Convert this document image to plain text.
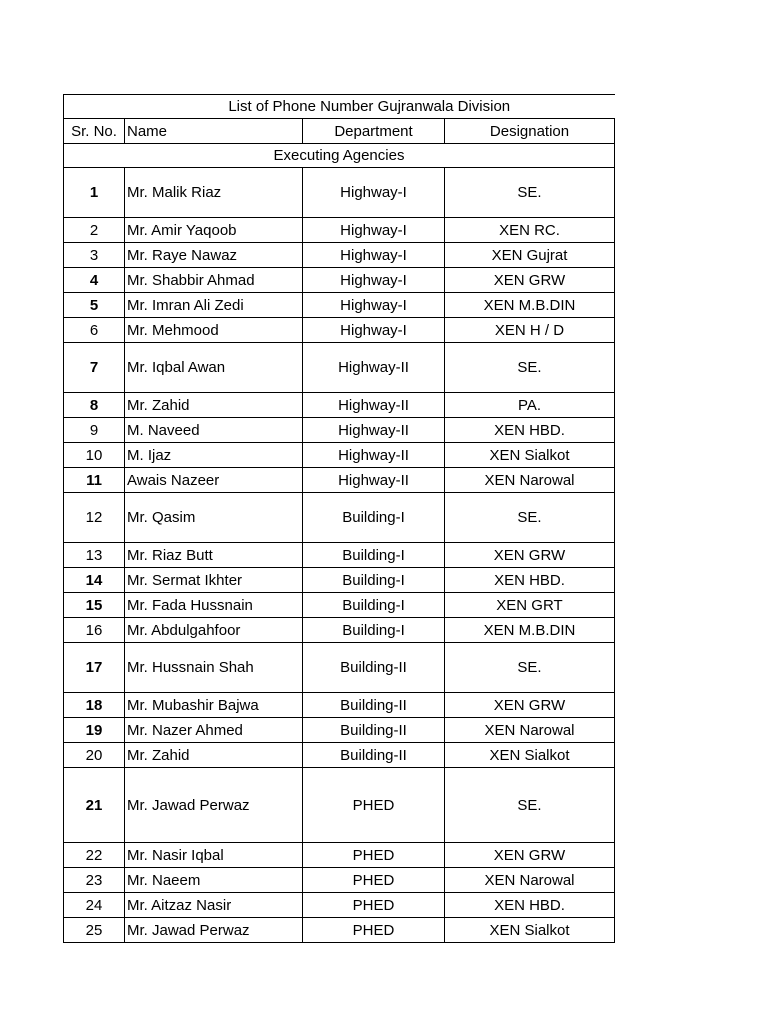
List of Phone Number Gujranwala Division			
Sr. No.	Name	Department	Designation
Executing Agencies			
1	Mr. Malik Riaz	Highway-I	SE.
2	Mr. Amir Yaqoob	Highway-I	XEN RC.
3	Mr. Raye Nawaz	Highway-I	XEN Gujrat
4	Mr. Shabbir Ahmad	Highway-I	XEN GRW
5	Mr. Imran Ali Zedi	Highway-I	XEN M.B.DIN
6	Mr. Mehmood	Highway-I	XEN H / D
7	Mr. Iqbal Awan	Highway-II	SE.
8	Mr. Zahid	Highway-II	PA.
9	M. Naveed	Highway-II	XEN HBD.
10	M. Ijaz	Highway-II	XEN Sialkot
11	Awais Nazeer	Highway-II	XEN Narowal
12	Mr. Qasim	Building-I	SE.
13	Mr. Riaz Butt	Building-I	XEN GRW
14	Mr. Sermat Ikhter	Building-I	XEN HBD.
15	Mr. Fada Hussnain	Building-I	XEN GRT
16	Mr. Abdulgahfoor	Building-I	XEN M.B.DIN
17	Mr. Hussnain Shah	Building-II	SE.
18	Mr. Mubashir Bajwa	Building-II	XEN GRW
19	Mr. Nazer Ahmed	Building-II	XEN Narowal
20	Mr. Zahid	Building-II	XEN Sialkot
21	Mr. Jawad Perwaz	PHED	SE.
22	Mr. Nasir Iqbal	PHED	XEN GRW
23	Mr. Naeem	PHED	XEN Narowal
24	Mr. Aitzaz Nasir	PHED	XEN HBD.
25	Mr. Jawad Perwaz	PHED	XEN Sialkot
